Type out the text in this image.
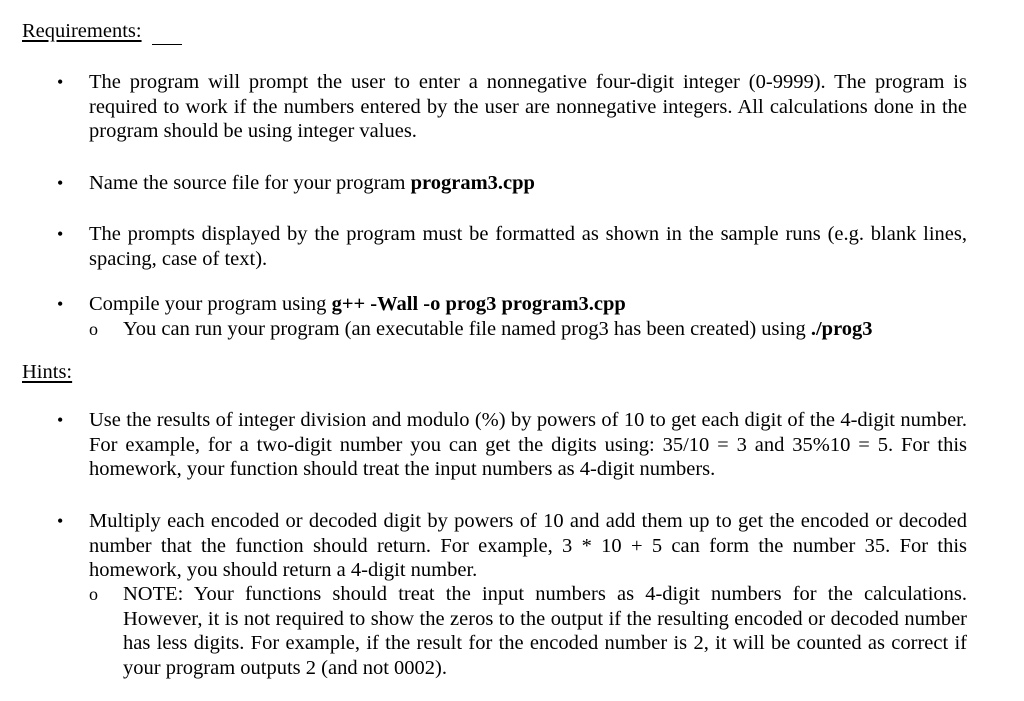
Requirements:
• The program will prompt the user to enter a nonnegative four-digit integer (0-9999). The program is required to work if the numbers entered by the user are nonnegative integers. All calculations done in the program should be using integer values.
• Name the source file for your program program3.cpp
• The prompts displayed by the program must be formatted as shown in the sample runs (e.g. blank lines, spacing, case of text).
• Compile your program using g++ -Wall -o prog3 program3.cpp
o You can run your program (an executable file named prog3 has been created) using ./prog3
Hints:
• Use the results of integer division and modulo (%) by powers of 10 to get each digit of the 4-digit number. For example, for a two-digit number you can get the digits using: 35/10 = 3 and 35%10 = 5. For this homework, your function should treat the input numbers as 4-digit numbers.
• Multiply each encoded or decoded digit by powers of 10 and add them up to get the encoded or decoded number that the function should return. For example, 3 * 10 + 5 can form the number 35. For this homework, you should return a 4-digit number.
o NOTE: Your functions should treat the input numbers as 4-digit numbers for the calculations. However, it is not required to show the zeros to the output if the resulting encoded or decoded number has less digits. For example, if the result for the encoded number is 2, it will be counted as correct if your program outputs 2 (and not 0002).
